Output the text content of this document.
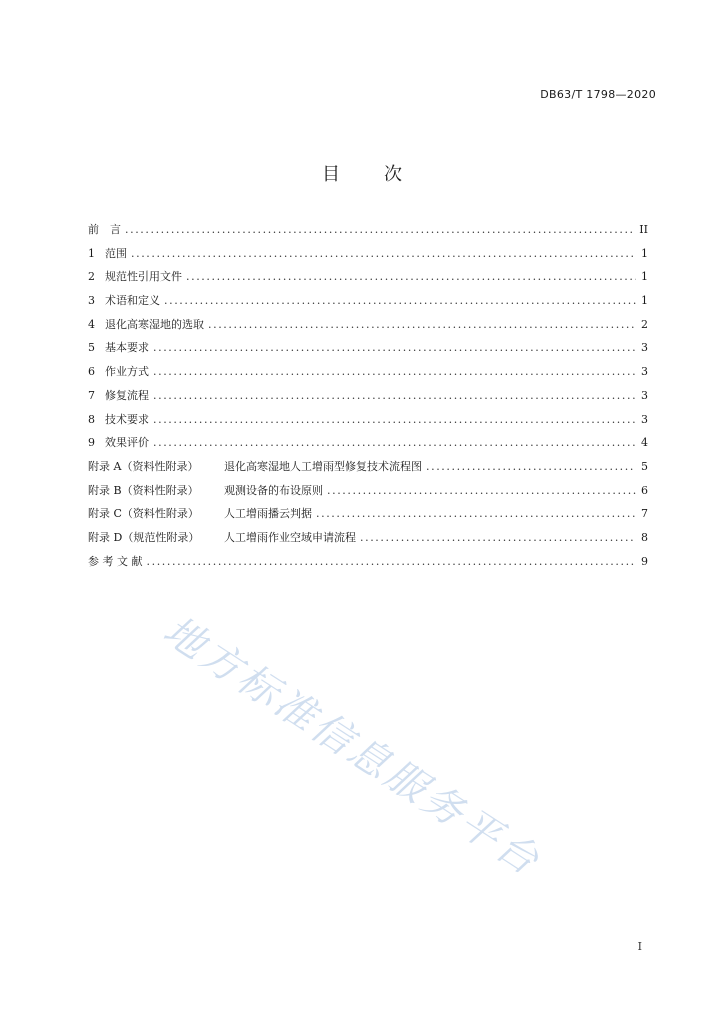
DB63/T 1798—2020
目 次
前　言 .....	II
1 范围 .....	1
2 规范性引用文件 .....	1
3 术语和定义 .....	1
4 退化高寒湿地的选取 .....	2
5 基本要求 .....	3
6 作业方式 .....	3
7 修复流程 .....	3
8 技术要求 .....	3
9 效果评价 .....	4
附录 A（资料性附录）	退化高寒湿地人工增雨型修复技术流程图 .....	5
附录 B（资料性附录）	观测设备的布设原则 .....	6
附录 C（资料性附录）	人工增雨播云判据 .....	7
附录 D（规范性附录）	人工增雨作业空域申请流程 .....	8
参 考 文 献 .....	9
地方标准信息服务平台
I
